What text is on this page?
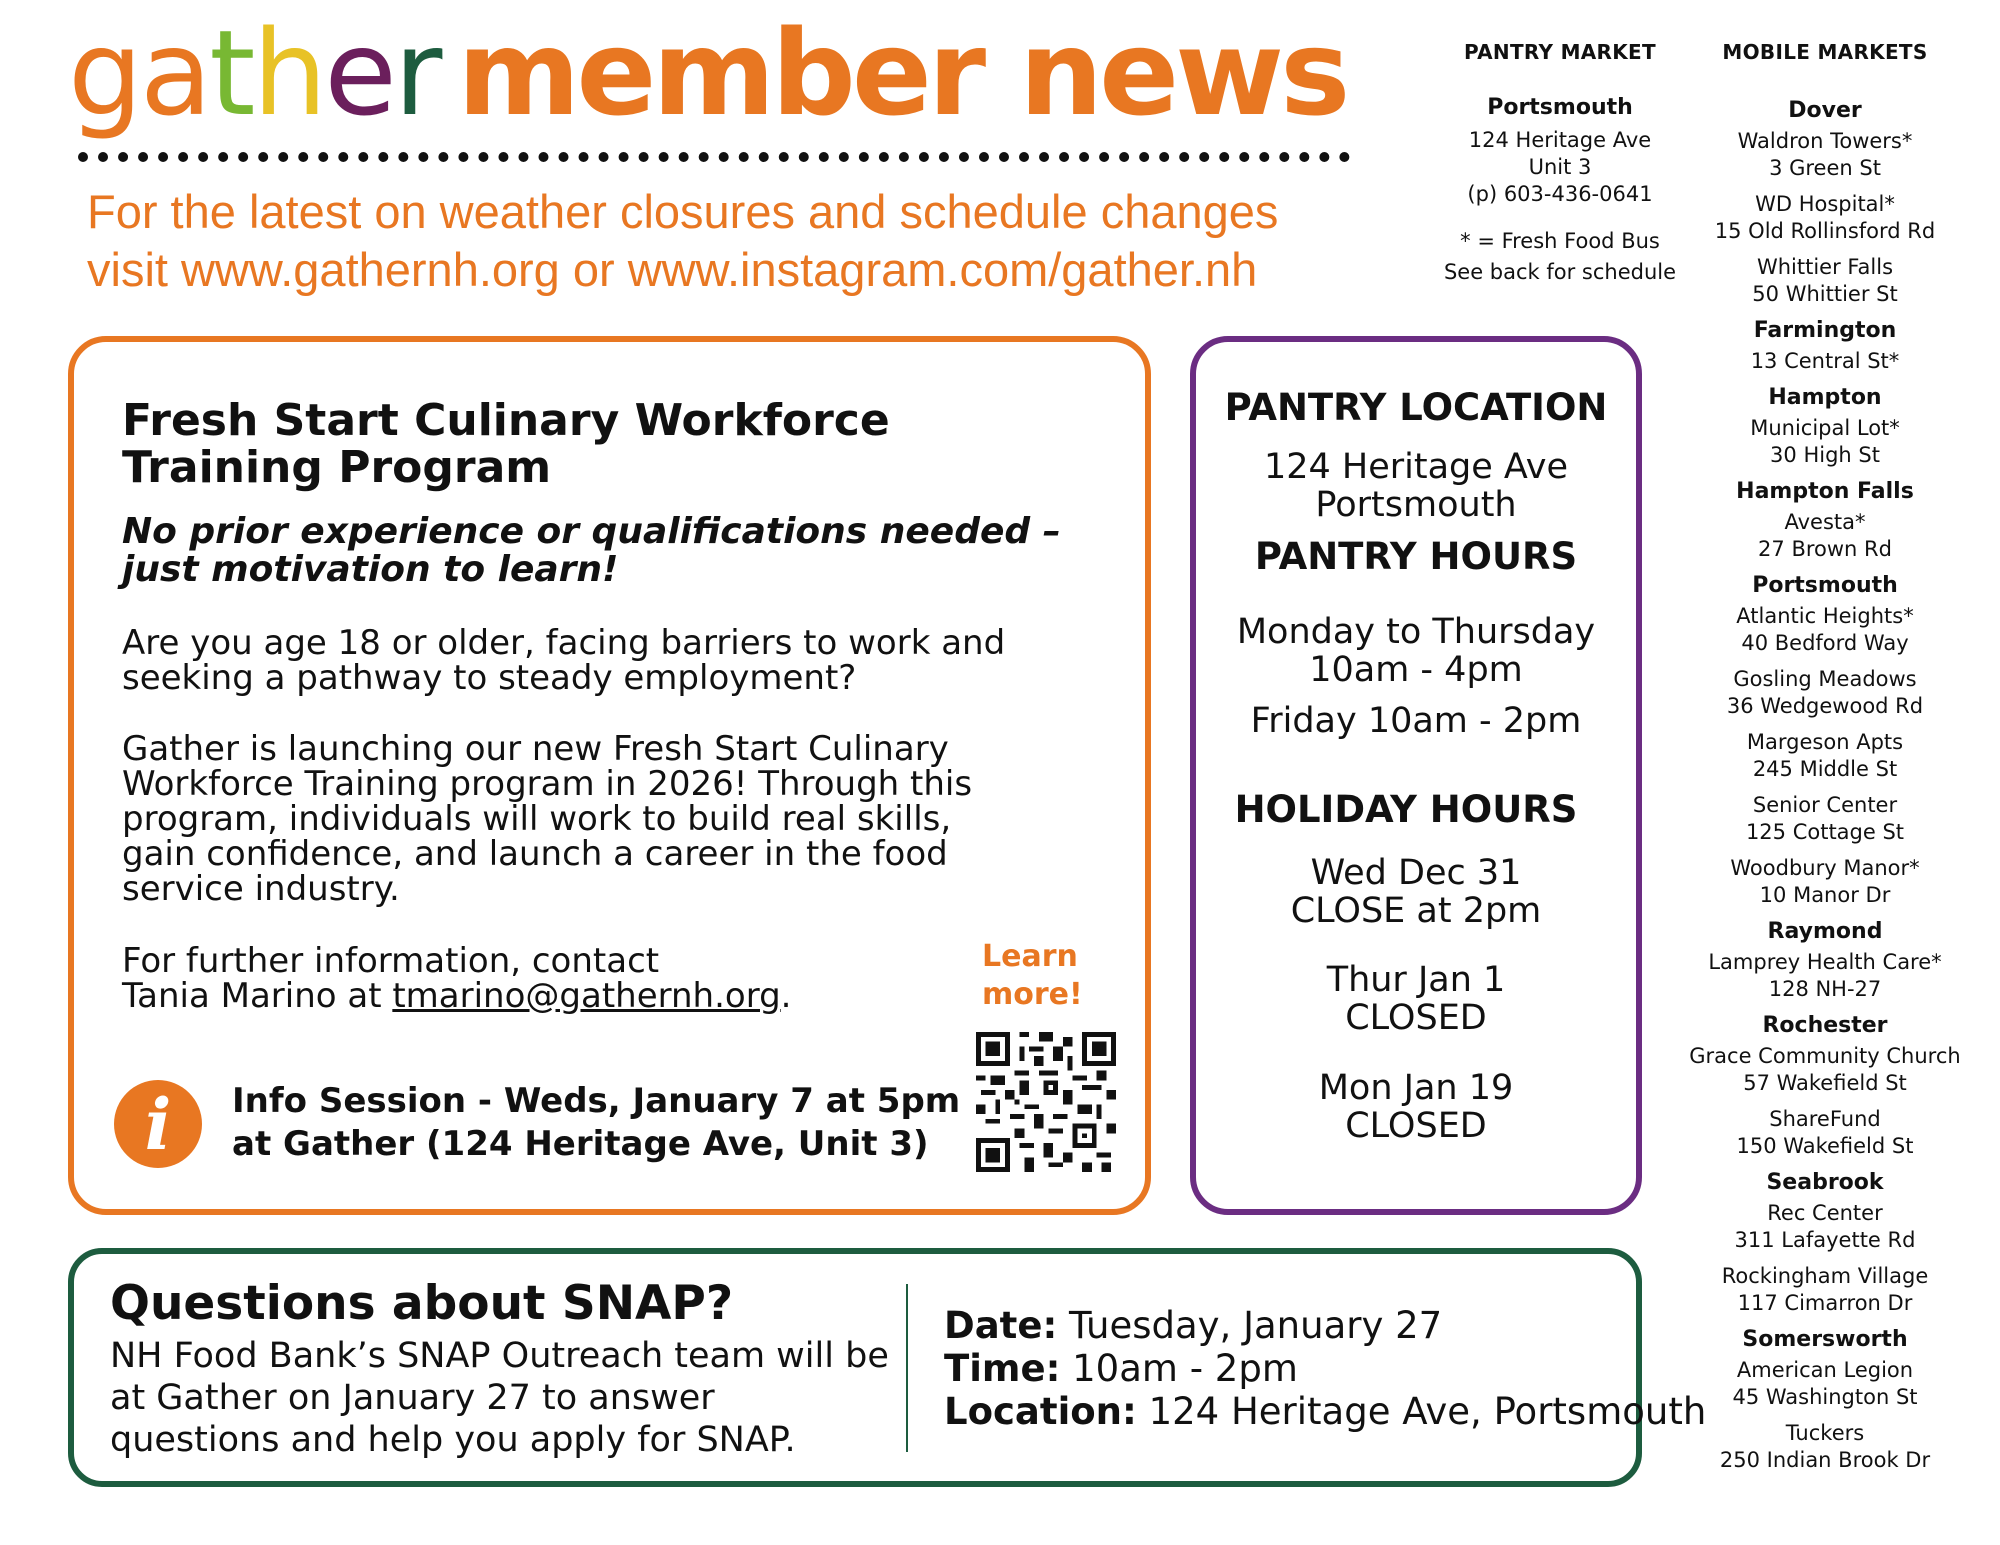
gather member news
For the latest on weather closures and schedule changes
visit www.gathernh.org or www.instagram.com/gather.nh
PANTRY MARKET
Portsmouth
124 Heritage Ave
Unit 3
(p) 603-436-0641
* = Fresh Food Bus
See back for schedule
MOBILE MARKETS
Dover
Waldron Towers*
3 Green St
WD Hospital*
15 Old Rollinsford Rd
Whittier Falls
50 Whittier St
Farmington
13 Central St*
Hampton
Municipal Lot*
30 High St
Hampton Falls
Avesta*
27 Brown Rd
Portsmouth
Atlantic Heights*
40 Bedford Way
Gosling Meadows
36 Wedgewood Rd
Margeson Apts
245 Middle St
Senior Center
125 Cottage St
Woodbury Manor*
10 Manor Dr
Raymond
Lamprey Health Care*
128 NH-27
Rochester
Grace Community Church
57 Wakefield St
ShareFund
150 Wakefield St
Seabrook
Rec Center
311 Lafayette Rd
Rockingham Village
117 Cimarron Dr
Somersworth
American Legion
45 Washington St
Tuckers
250 Indian Brook Dr
Fresh Start Culinary Workforce
Training Program
No prior experience or qualifications needed –
just motivation to learn!
Are you age 18 or older, facing barriers to work and
seeking a pathway to steady employment?
Gather is launching our new Fresh Start Culinary
Workforce Training program in 2026! Through this
program, individuals will work to build real skills,
gain confidence, and launch a career in the food
service industry.
For further information, contact
Tania Marino at tmarino@gathernh.org.
Learn
more!
i	Info Session - Weds, January 7 at 5pm
at Gather (124 Heritage Ave, Unit 3)
PANTRY LOCATION
124 Heritage Ave
Portsmouth
PANTRY HOURS
Monday to Thursday
10am - 4pm
Friday 10am - 2pm
HOLIDAY HOURS
Wed Dec 31
CLOSE at 2pm
Thur Jan 1
CLOSED
Mon Jan 19
CLOSED
Questions about SNAP?
NH Food Bank’s SNAP Outreach team will be
at Gather on January 27 to answer
questions and help you apply for SNAP.
Date: Tuesday, January 27
Time: 10am - 2pm
Location: 124 Heritage Ave, Portsmouth
